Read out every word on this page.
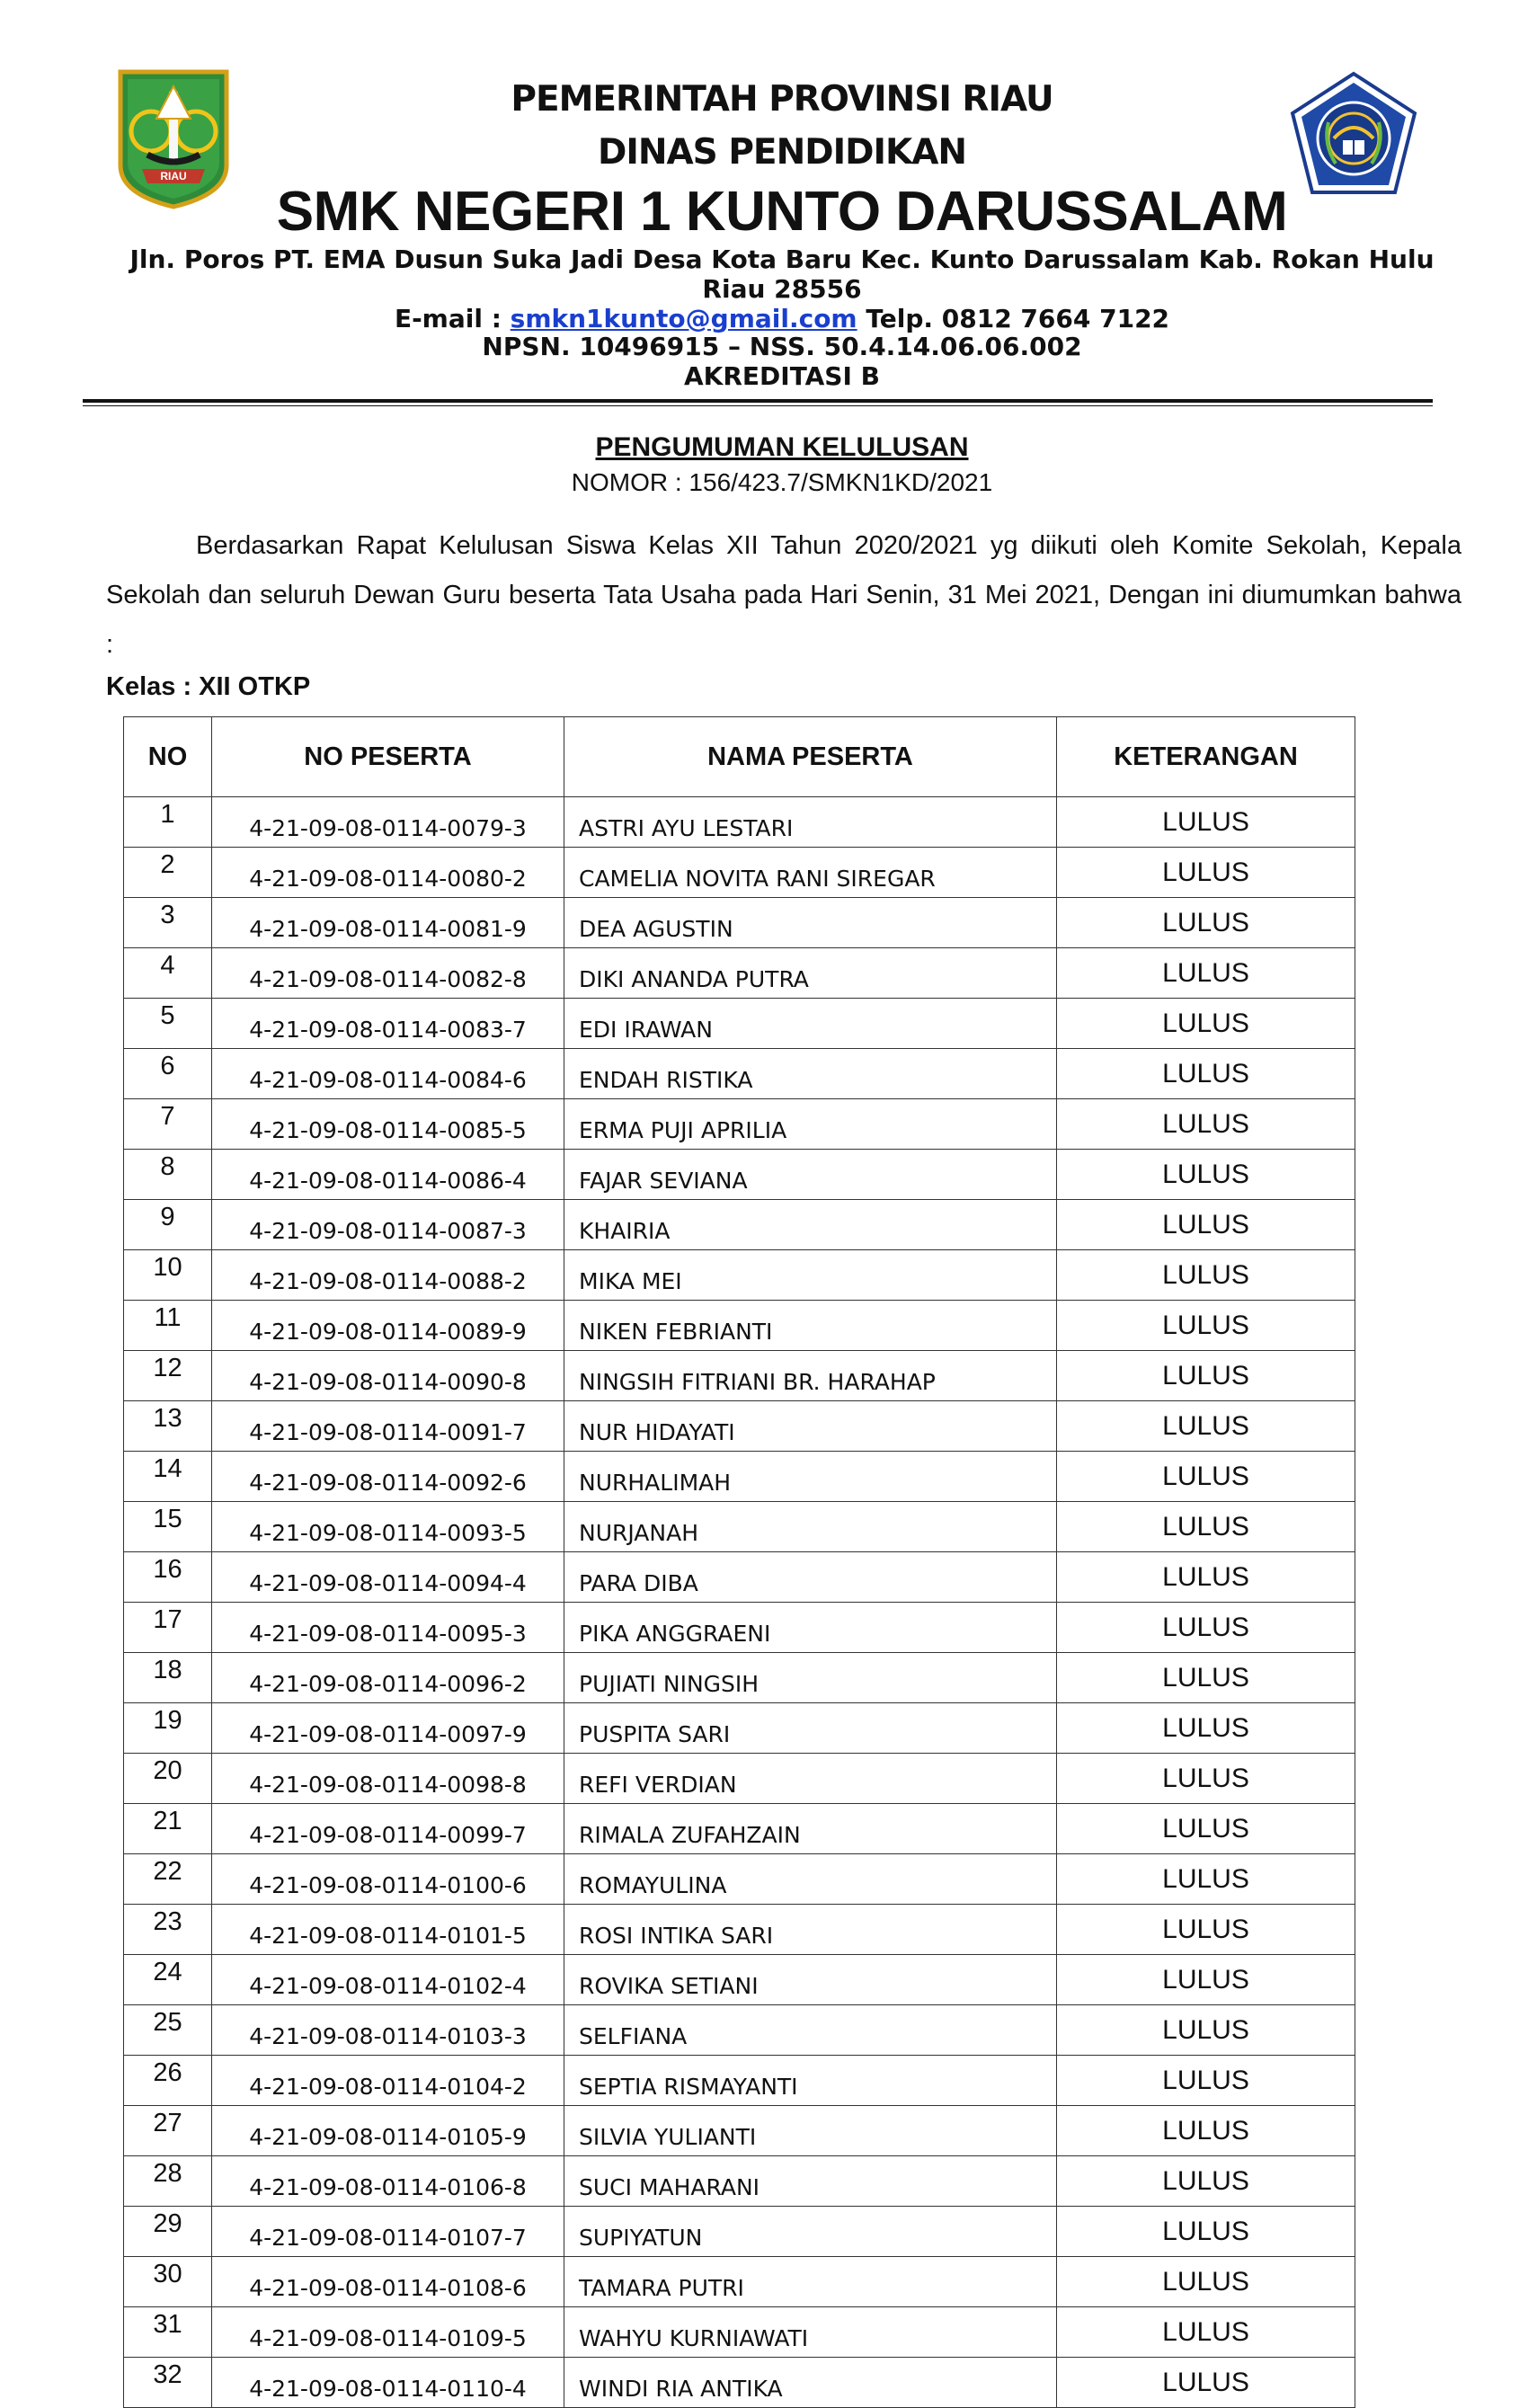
RIAU
PEMERINTAH PROVINSI RIAU
DINAS PENDIDIKAN
SMK NEGERI 1 KUNTO DARUSSALAM
Jln. Poros PT. EMA Dusun Suka Jadi Desa Kota Baru Kec. Kunto Darussalam Kab. Rokan Hulu
Riau 28556
E-mail : smkn1kunto@gmail.com Telp. 0812 7664 7122
NPSN. 10496915 – NSS. 50.4.14.06.06.002
AKREDITASI B
PENGUMUMAN KELULUSAN
NOMOR : 156/423.7/SMKN1KD/2021

Berdasarkan Rapat Kelulusan Siswa Kelas XII Tahun 2020/2021 yg diikuti oleh Komite Sekolah, Kepala Sekolah dan seluruh Dewan Guru beserta Tata Usaha pada Hari Senin, 31 Mei 2021, Dengan ini diumumkan bahwa :

Kelas : XII OTKP
NO	NO PESERTA	NAMA PESERTA	KETERANGAN
1	4-21-09-08-0114-0079-3	ASTRI AYU LESTARI	LULUS
2	4-21-09-08-0114-0080-2	CAMELIA NOVITA RANI SIREGAR	LULUS
3	4-21-09-08-0114-0081-9	DEA AGUSTIN	LULUS
4	4-21-09-08-0114-0082-8	DIKI ANANDA PUTRA	LULUS
5	4-21-09-08-0114-0083-7	EDI IRAWAN	LULUS
6	4-21-09-08-0114-0084-6	ENDAH RISTIKA	LULUS
7	4-21-09-08-0114-0085-5	ERMA PUJI APRILIA	LULUS
8	4-21-09-08-0114-0086-4	FAJAR SEVIANA	LULUS
9	4-21-09-08-0114-0087-3	KHAIRIA	LULUS
10	4-21-09-08-0114-0088-2	MIKA MEI	LULUS
11	4-21-09-08-0114-0089-9	NIKEN FEBRIANTI	LULUS
12	4-21-09-08-0114-0090-8	NINGSIH FITRIANI BR. HARAHAP	LULUS
13	4-21-09-08-0114-0091-7	NUR HIDAYATI	LULUS
14	4-21-09-08-0114-0092-6	NURHALIMAH	LULUS
15	4-21-09-08-0114-0093-5	NURJANAH	LULUS
16	4-21-09-08-0114-0094-4	PARA DIBA	LULUS
17	4-21-09-08-0114-0095-3	PIKA ANGGRAENI	LULUS
18	4-21-09-08-0114-0096-2	PUJIATI NINGSIH	LULUS
19	4-21-09-08-0114-0097-9	PUSPITA SARI	LULUS
20	4-21-09-08-0114-0098-8	REFI VERDIAN	LULUS
21	4-21-09-08-0114-0099-7	RIMALA ZUFAHZAIN	LULUS
22	4-21-09-08-0114-0100-6	ROMAYULINA	LULUS
23	4-21-09-08-0114-0101-5	ROSI INTIKA SARI	LULUS
24	4-21-09-08-0114-0102-4	ROVIKA SETIANI	LULUS
25	4-21-09-08-0114-0103-3	SELFIANA	LULUS
26	4-21-09-08-0114-0104-2	SEPTIA RISMAYANTI	LULUS
27	4-21-09-08-0114-0105-9	SILVIA YULIANTI	LULUS
28	4-21-09-08-0114-0106-8	SUCI MAHARANI	LULUS
29	4-21-09-08-0114-0107-7	SUPIYATUN	LULUS
30	4-21-09-08-0114-0108-6	TAMARA PUTRI	LULUS
31	4-21-09-08-0114-0109-5	WAHYU KURNIAWATI	LULUS
32	4-21-09-08-0114-0110-4	WINDI RIA ANTIKA	LULUS
